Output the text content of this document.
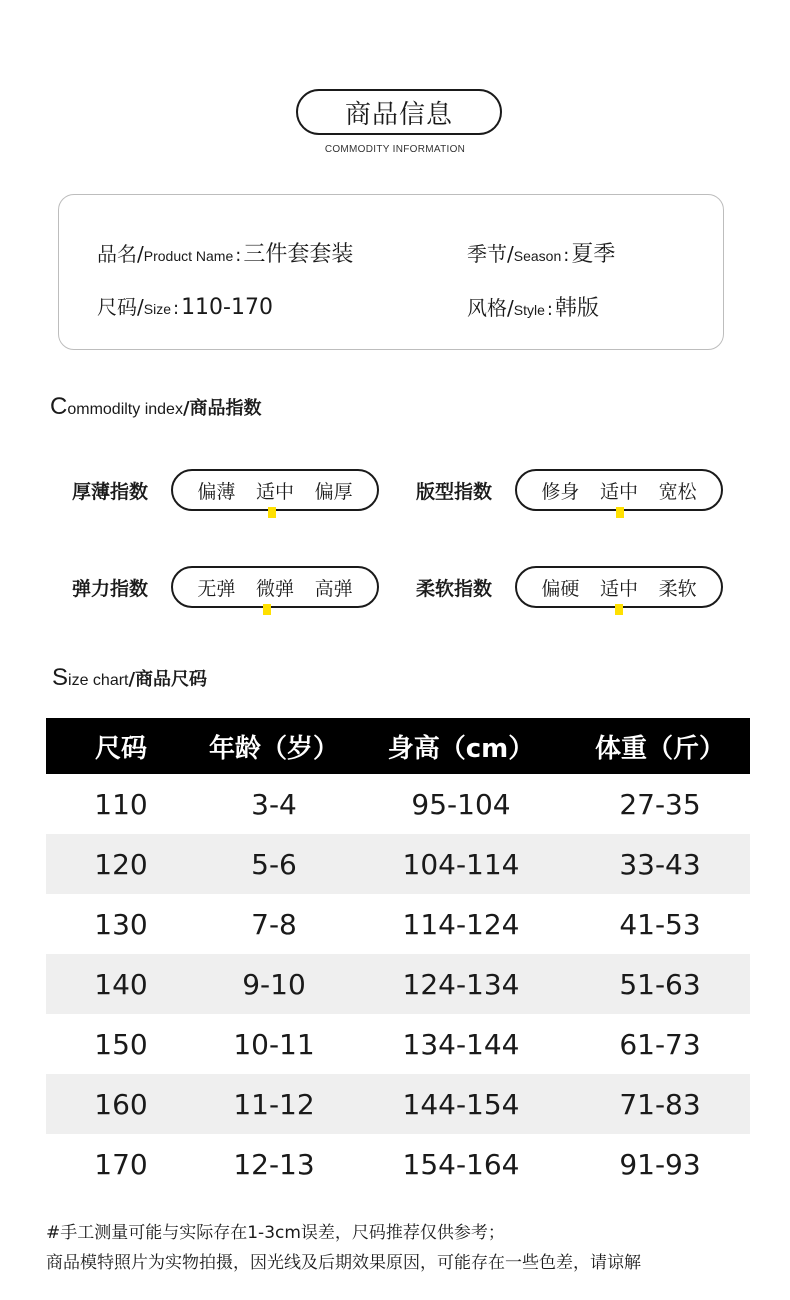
商品信息
COMMODITY INFORMATION
品名/ Product Name : 三件套套装	季节/ Season : 夏季
尺码/ Size : 110-170	风格/ Style : 韩版
C ommodilty index /商品指数
厚薄指数	偏薄 适中 偏厚	版型指数	修身 适中 宽松
弹力指数	无弹 微弹 高弹	柔软指数	偏硬 适中 柔软
S ize chart /商品尺码
尺码	年龄（岁）	身高（cm）	体重（斤）
110	3-4	95-104	27-35
120	5-6	104-114	33-43
130	7-8	114-124	41-53
140	9-10	124-134	51-63
150	10-11	134-144	61-73
160	11-12	144-154	71-83
170	12-13	154-164	91-93
#手工测量可能与实际存在1-3cm误差，尺码推荐仅供参考；
商品模特照片为实物拍摄，因光线及后期效果原因，可能存在一些色差，请谅解
